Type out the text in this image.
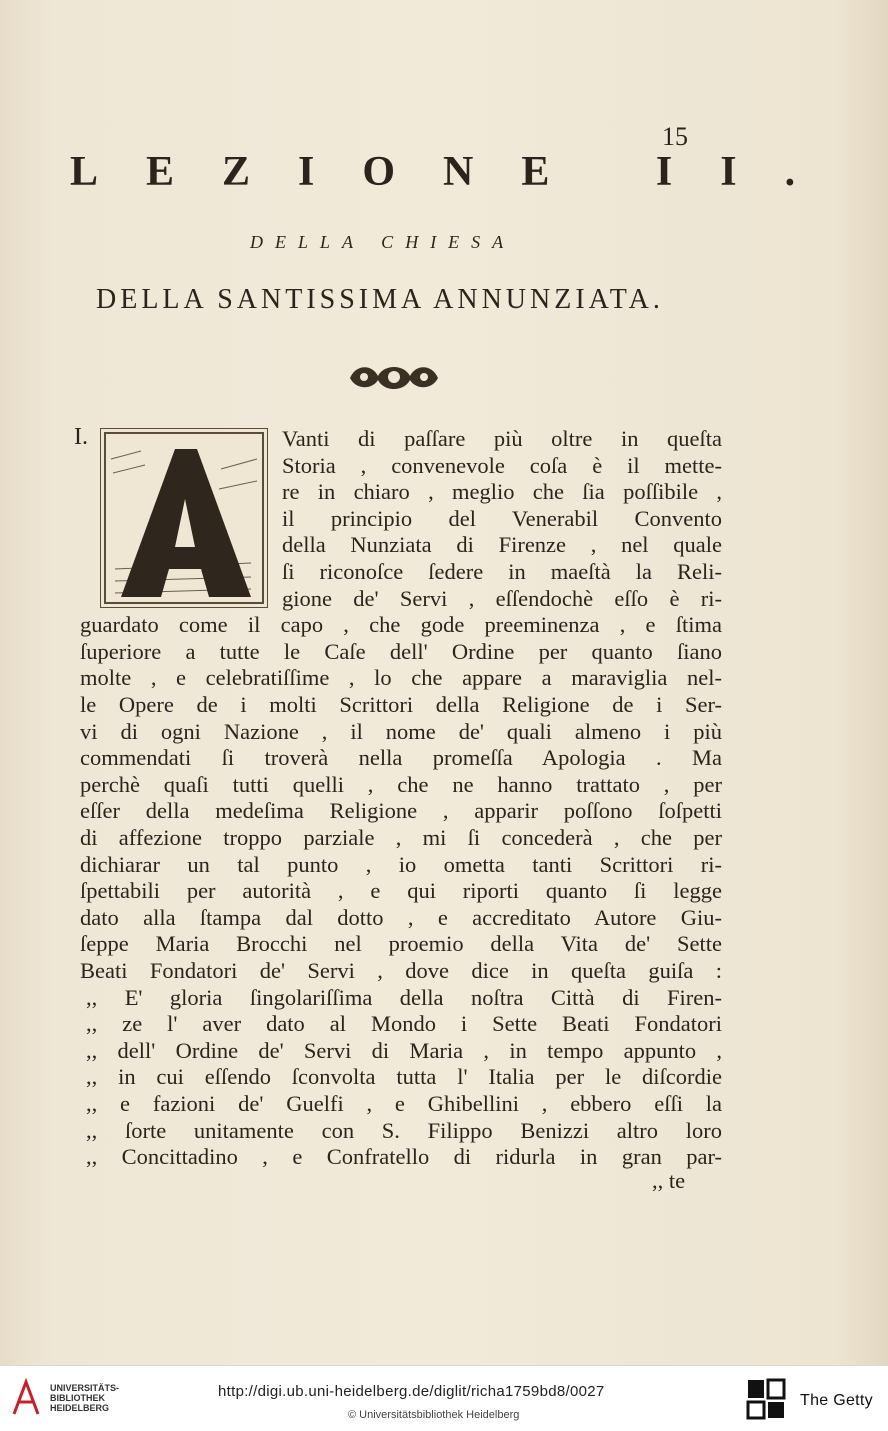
15
LEZIONE II.
DELLA CHIESA
DELLA SANTISSIMA ANNUNZIATA.
I.	Vanti di paſſare più oltre in queſta
Storia , convenevole coſa è il mette-
re in chiaro , meglio che ſia poſſibile ,
il principio del Venerabil Convento
della Nunziata di Firenze , nel quale
ſi riconoſce ſedere in maeſtà la Reli-
gione de' Servi , eſſendochè eſſo è ri-
guardato come il capo , che gode preeminenza , e ſtima
ſuperiore a tutte le Caſe dell' Ordine per quanto ſiano
molte , e celebratiſſime , lo che appare a maraviglia nel-
le Opere de i molti Scrittori della Religione de i Ser-
vi di ogni Nazione , il nome de' quali almeno i più
commendati ſi troverà nella promeſſa Apologia . Ma
perchè quaſi tutti quelli , che ne hanno trattato , per
eſſer della medeſima Religione , apparir poſſono ſoſpetti
di affezione troppo parziale , mi ſi concederà , che per
dichiarar un tal punto , io ometta tanti Scrittori ri-
ſpettabili per autorità , e qui riporti quanto ſi legge
dato alla ſtampa dal dotto , e accreditato Autore Giu-
ſeppe Maria Brocchi nel proemio della Vita de' Sette
Beati Fondatori de' Servi , dove dice in queſta guiſa :
,, E' gloria ſingolariſſima della noſtra Città di Firen-
,, ze l' aver dato al Mondo i Sette Beati Fondatori
,, dell' Ordine de' Servi di Maria , in tempo appunto ,
,, in cui eſſendo ſconvolta tutta l' Italia per le diſcordie
,, e fazioni de' Guelfi , e Ghibellini , ebbero eſſi la
,, ſorte unitamente con S. Filippo Benizzi altro loro
,, Concittadino , e Confratello di ridurla in gran par-
,, te
UNIVERSITÄTS-
BIBLIOTHEK
HEIDELBERG
http://digi.ub.uni-heidelberg.de/diglit/richa1759bd8/0027
© Universitätsbibliothek Heidelberg
The Getty
